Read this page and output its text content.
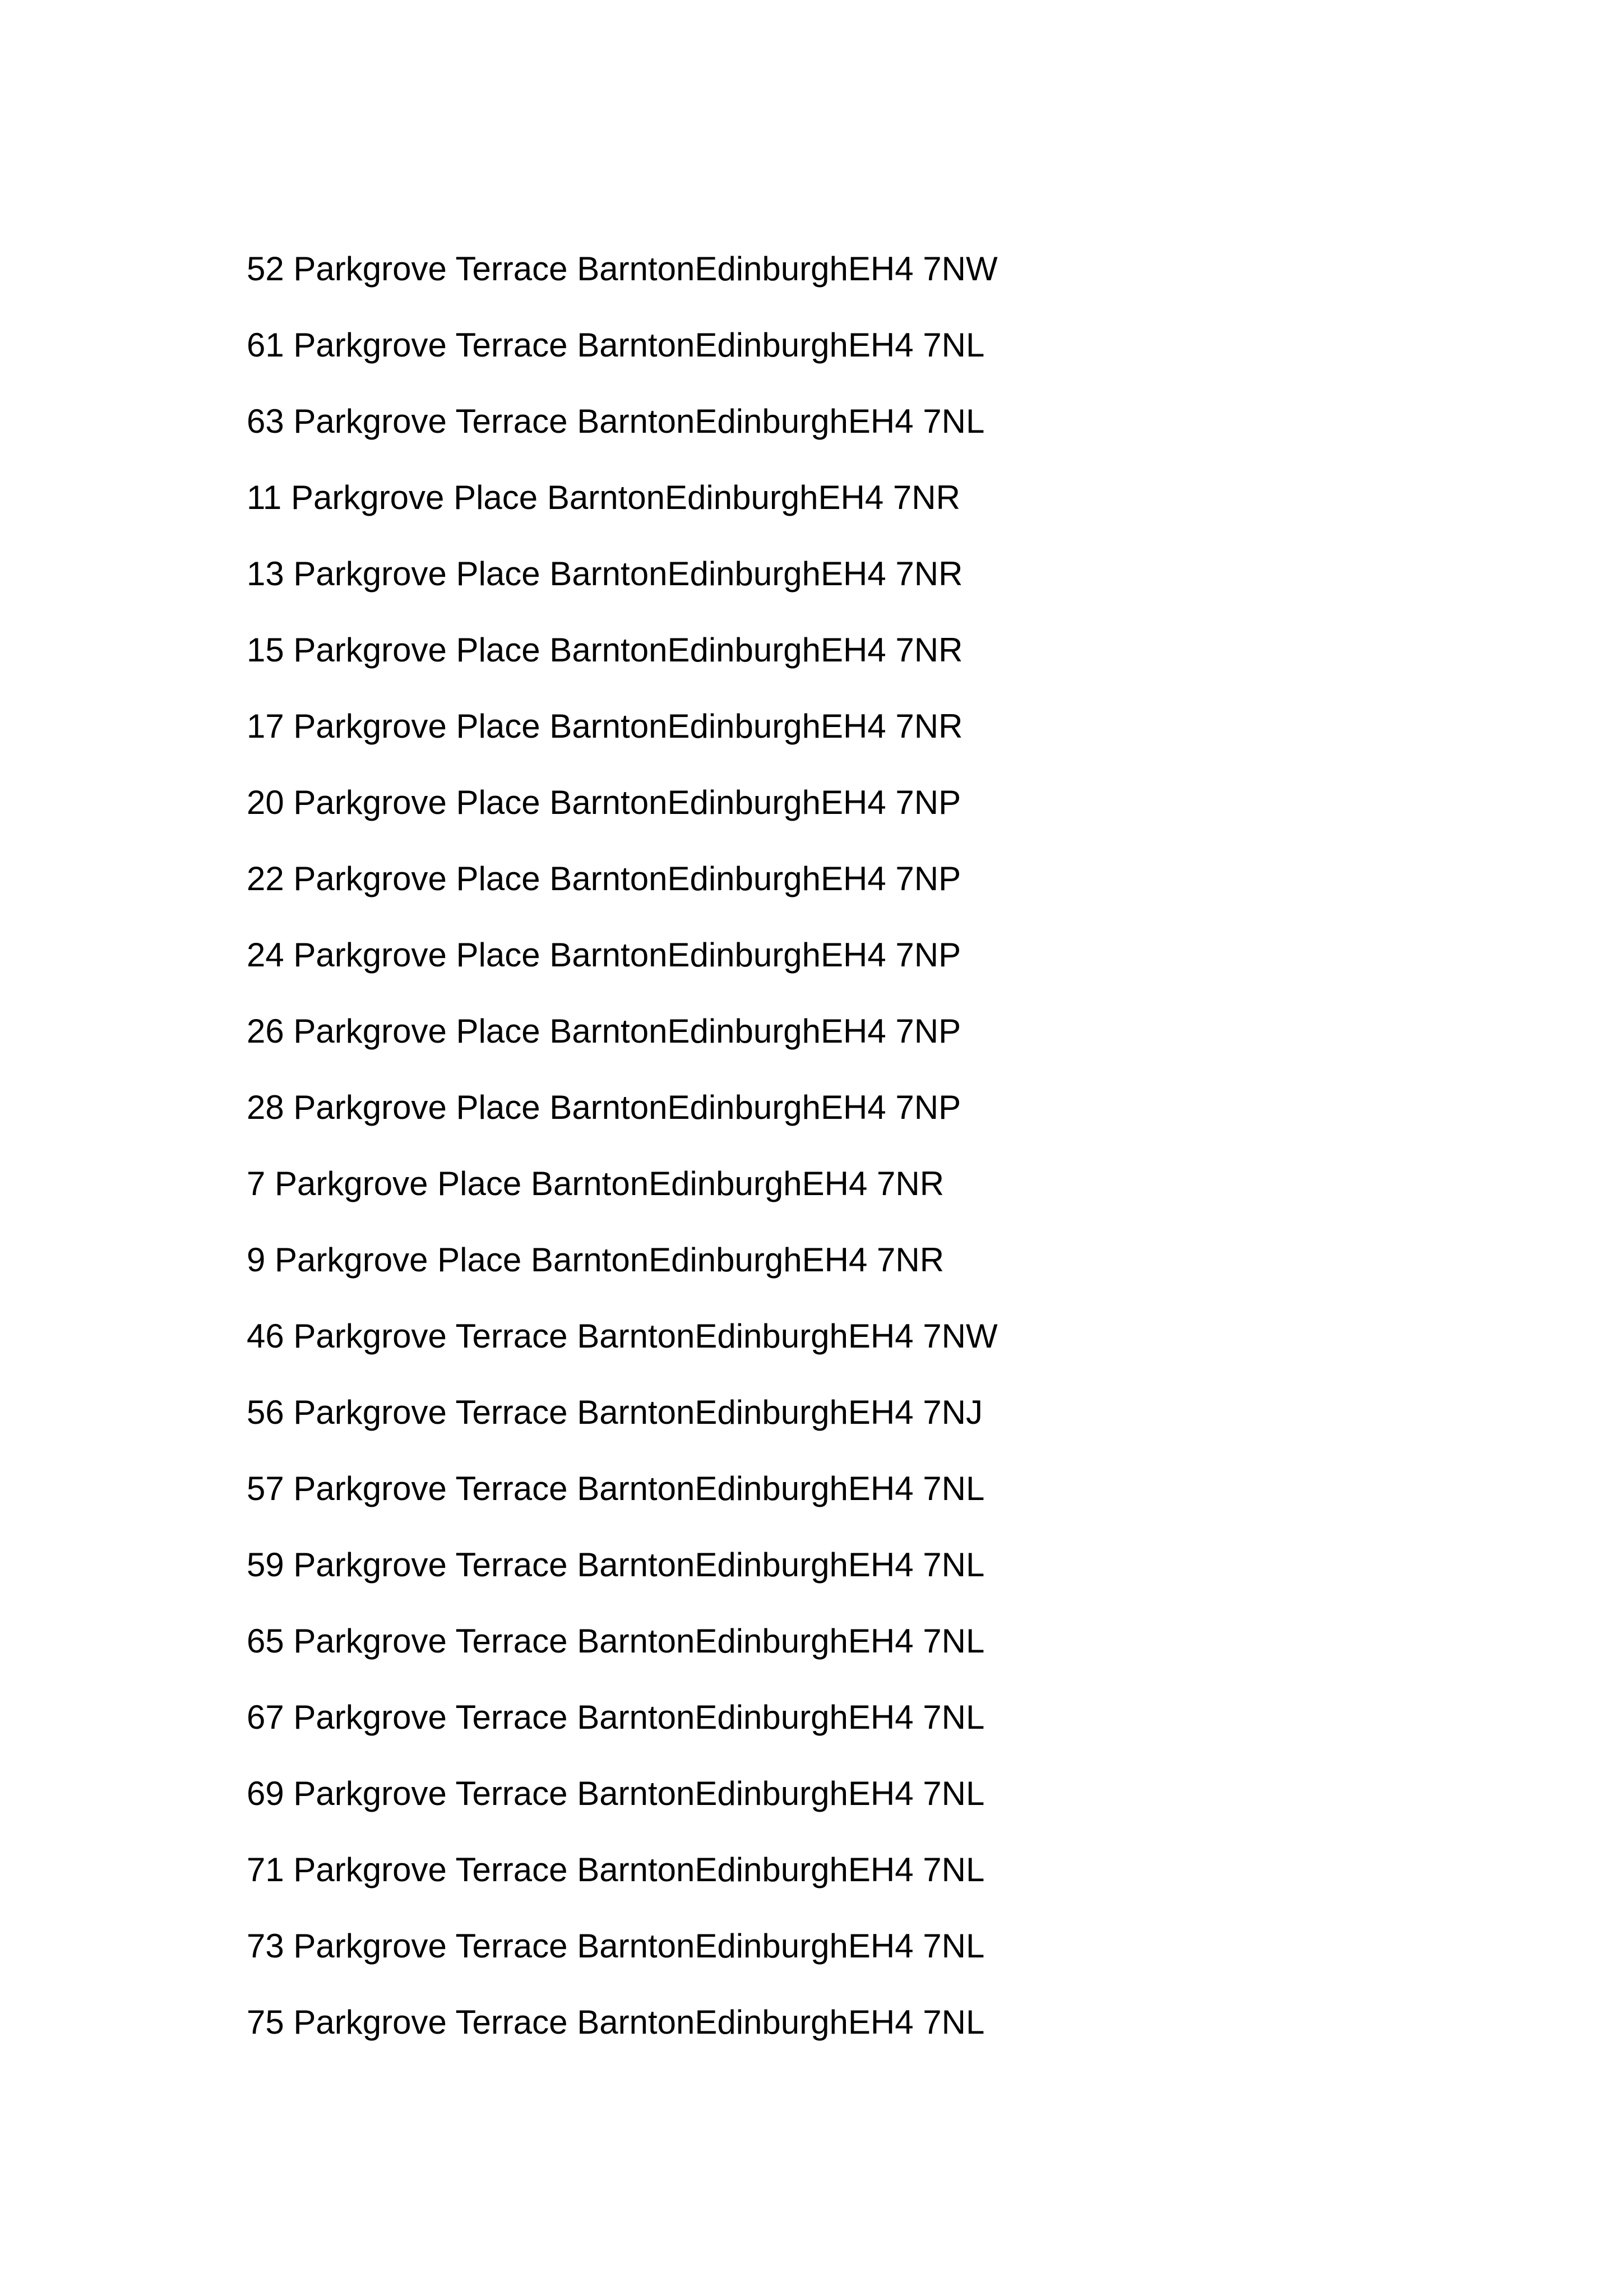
52 Parkgrove Terrace BarntonEdinburghEH4 7NW
61 Parkgrove Terrace BarntonEdinburghEH4 7NL
63 Parkgrove Terrace BarntonEdinburghEH4 7NL
11 Parkgrove Place BarntonEdinburghEH4 7NR
13 Parkgrove Place BarntonEdinburghEH4 7NR
15 Parkgrove Place BarntonEdinburghEH4 7NR
17 Parkgrove Place BarntonEdinburghEH4 7NR
20 Parkgrove Place BarntonEdinburghEH4 7NP
22 Parkgrove Place BarntonEdinburghEH4 7NP
24 Parkgrove Place BarntonEdinburghEH4 7NP
26 Parkgrove Place BarntonEdinburghEH4 7NP
28 Parkgrove Place BarntonEdinburghEH4 7NP
7 Parkgrove Place BarntonEdinburghEH4 7NR
9 Parkgrove Place BarntonEdinburghEH4 7NR
46 Parkgrove Terrace BarntonEdinburghEH4 7NW
56 Parkgrove Terrace BarntonEdinburghEH4 7NJ
57 Parkgrove Terrace BarntonEdinburghEH4 7NL
59 Parkgrove Terrace BarntonEdinburghEH4 7NL
65 Parkgrove Terrace BarntonEdinburghEH4 7NL
67 Parkgrove Terrace BarntonEdinburghEH4 7NL
69 Parkgrove Terrace BarntonEdinburghEH4 7NL
71 Parkgrove Terrace BarntonEdinburghEH4 7NL
73 Parkgrove Terrace BarntonEdinburghEH4 7NL
75 Parkgrove Terrace BarntonEdinburghEH4 7NL
